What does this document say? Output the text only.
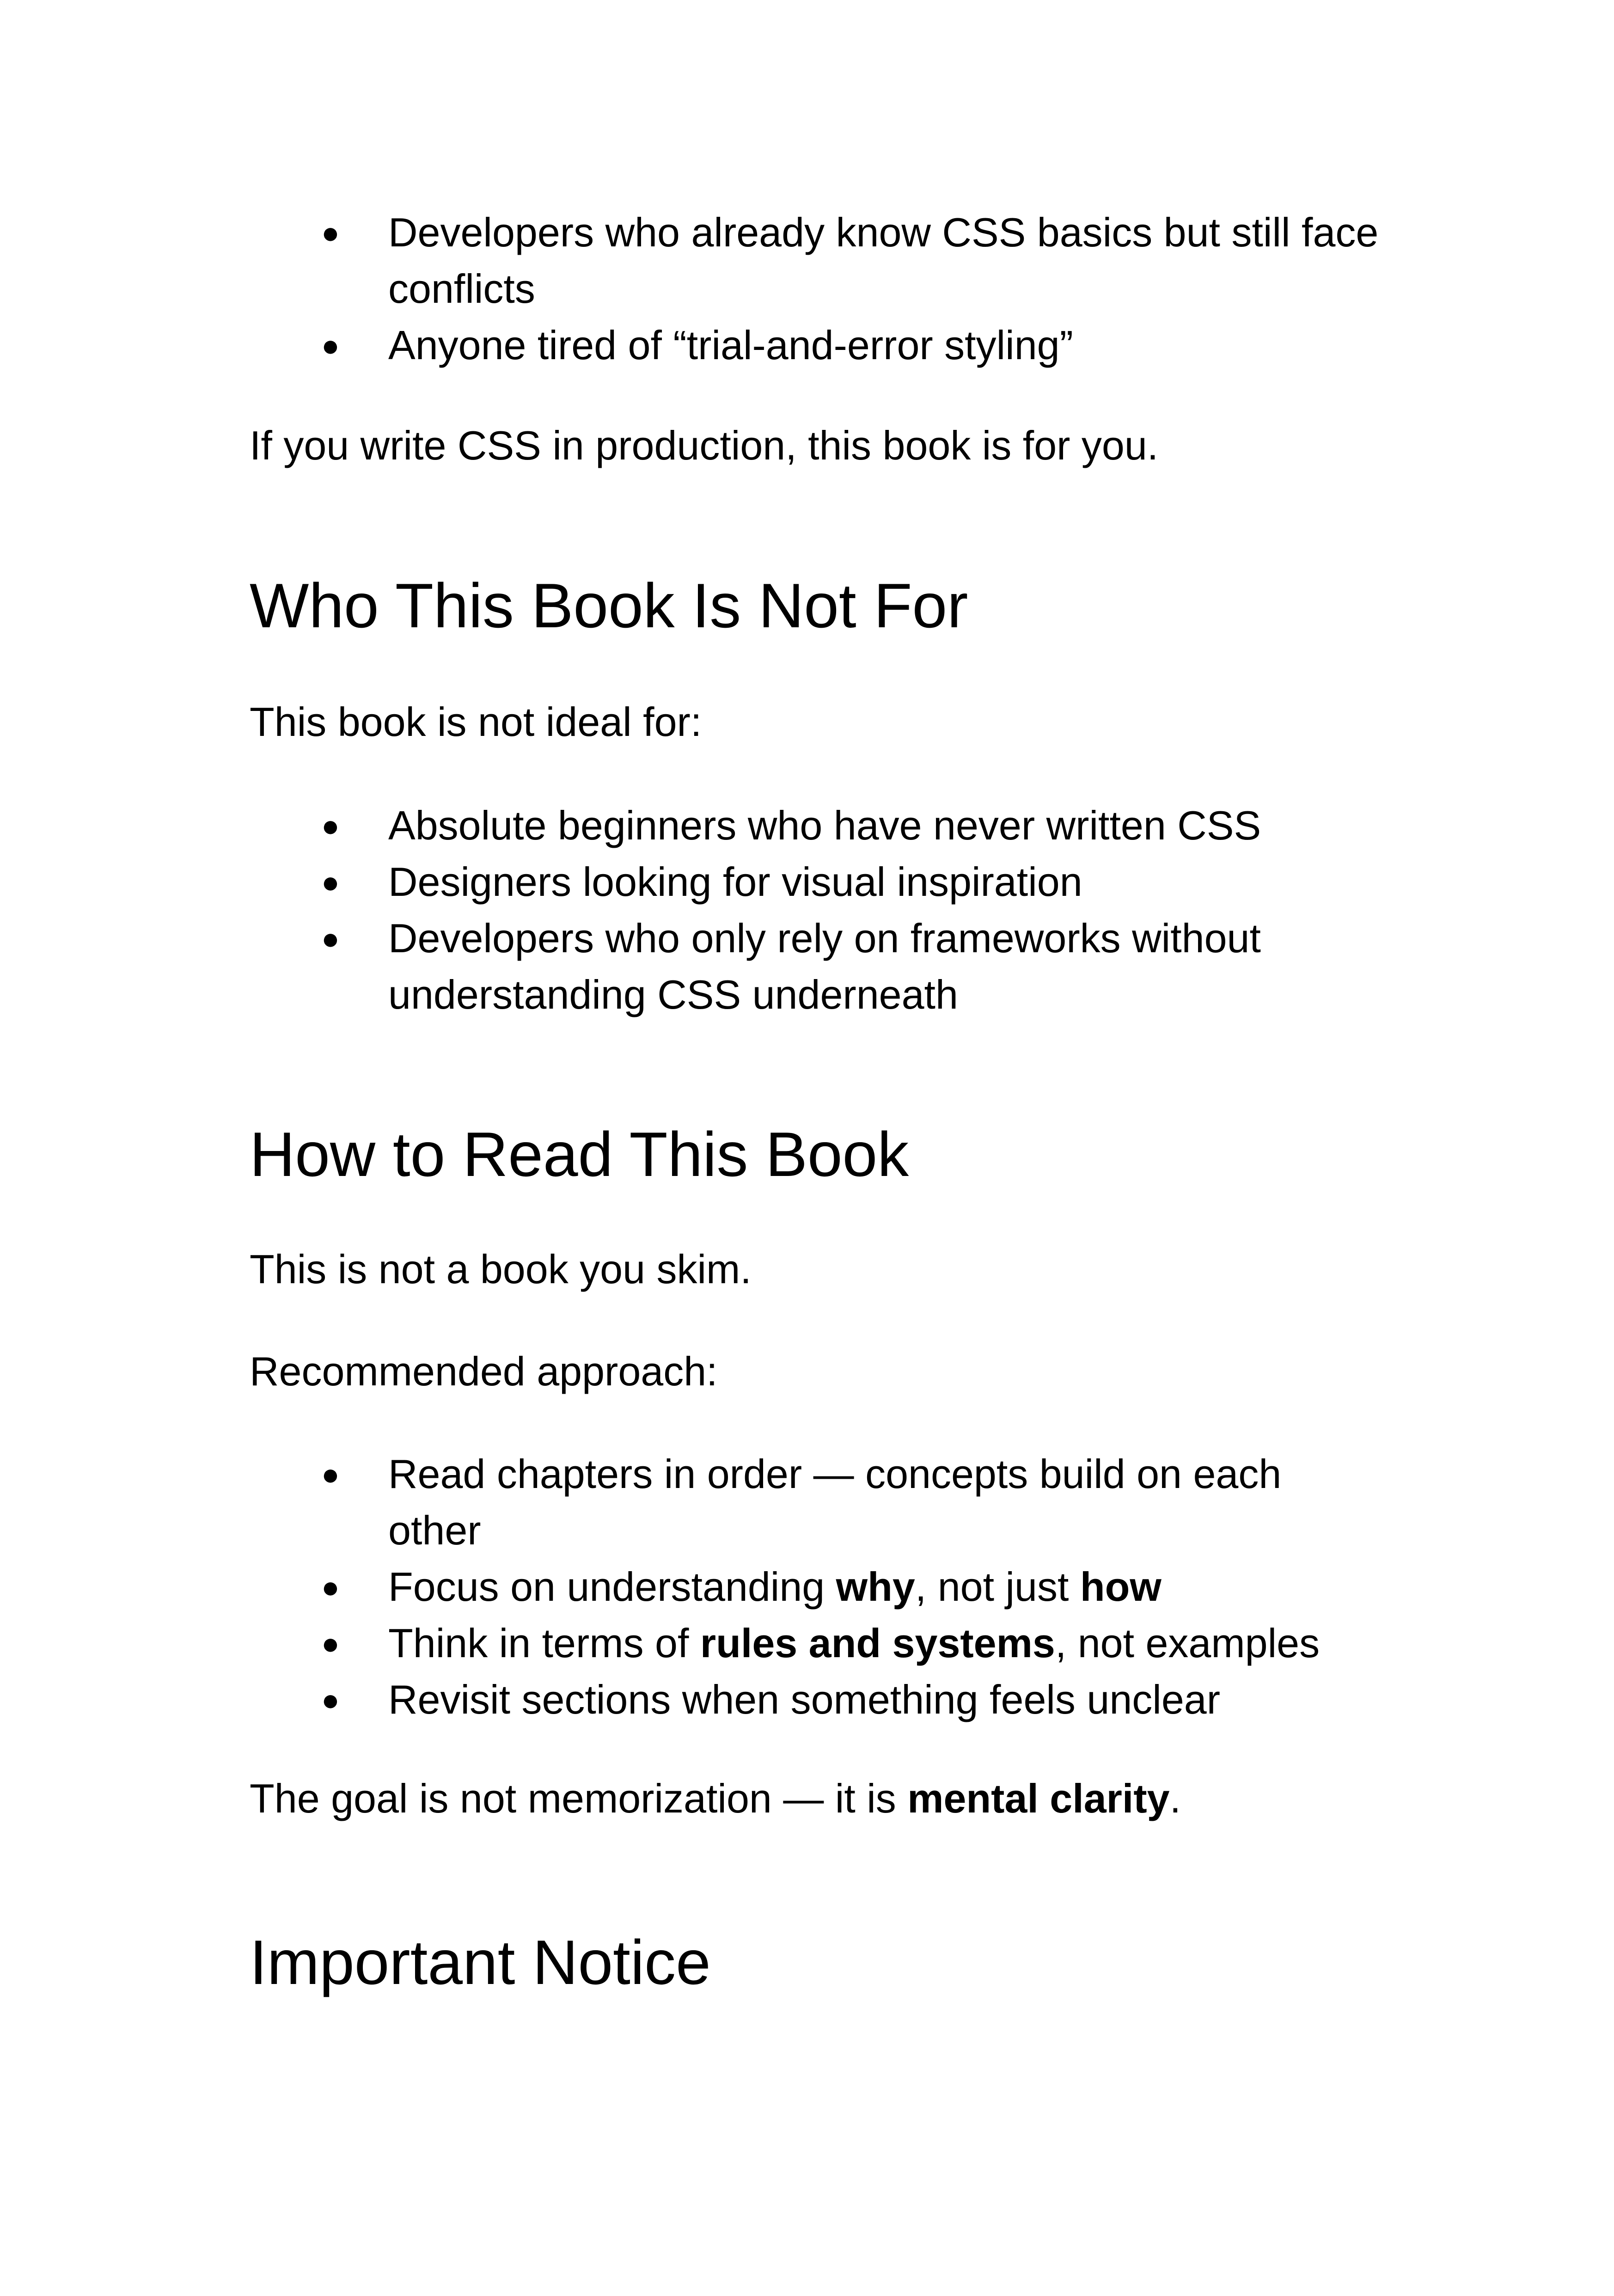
● Developers who already know CSS basics but still face conflicts
● Anyone tired of “trial-and-error styling”

If you write CSS in production, this book is for you.

Who This Book Is Not For

This book is not ideal for:

● Absolute beginners who have never written CSS
● Designers looking for visual inspiration
● Developers who only rely on frameworks without understanding CSS underneath
How to Read This Book

This is not a book you skim.

Recommended approach:

● Read chapters in order — concepts build on each other
● Focus on understanding why, not just how
● Think in terms of rules and systems, not examples
● Revisit sections when something feels unclear

The goal is not memorization — it is mental clarity.

Important Notice
